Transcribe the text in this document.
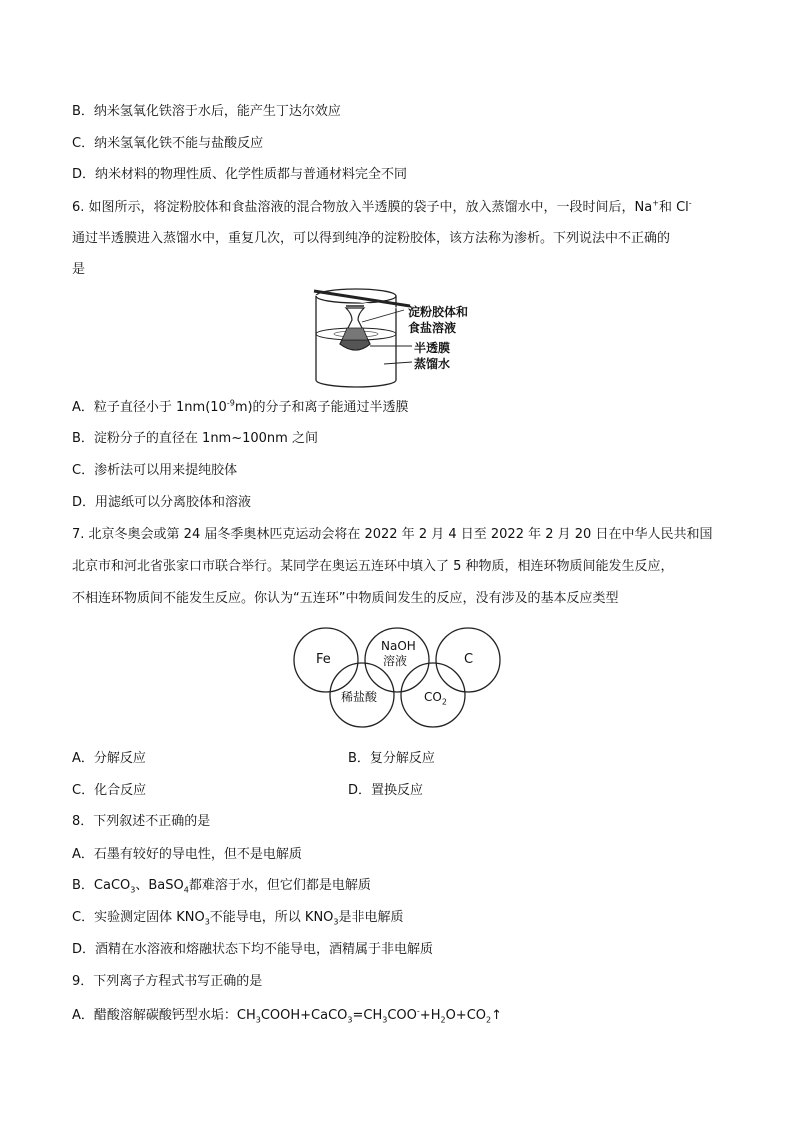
B．纳米氢氧化铁溶于水后，能产生丁达尔效应
C．纳米氢氧化铁不能与盐酸反应
D．纳米材料的物理性质、化学性质都与普通材料完全不同
6. 如图所示，将淀粉胶体和食盐溶液的混合物放入半透膜的袋子中，放入蒸馏水中，一段时间后，Na+和 Cl-
通过半透膜进入蒸馏水中，重复几次，可以得到纯净的淀粉胶体，该方法称为渗析。下列说法中不正确的
是
淀粉胶体和
食盐溶液
半透膜
蒸馏水
A．粒子直径小于 $1nm(10^{-9}m)$的分子和离子能通过半透膜
B．淀粉分子的直径在 1nm~100nm 之间
C．渗析法可以用来提纯胶体
D．用滤纸可以分离胶体和溶液
7. 北京冬奥会或第 24 届冬季奥林匹克运动会将在 2022 年 2 月 4 日至 2022 年 2 月 20 日在中华人民共和国
北京市和河北省张家口市联合举行。某同学在奥运五连环中填入了 5 种物质，相连环物质间能发生反应，
不相连环物质间不能发生反应。你认为“五连环”中物质间发生的反应，没有涉及的基本反应类型
Fe
NaOH
溶液	C
稀盐酸	$CO_2$
A．分解反应	B．复分解反应
C．化合反应	D．置换反应
8．下列叙述不正确的是
A．石墨有较好的导电性，但不是电解质
B．CaCO$_3$、BaSO$_4$都难溶于水，但它们都是电解质
C．实验测定固体 $KNO_3$不能导电，所以 $KNO_3$是非电解质
D．酒精在水溶液和熔融状态下均不能导电，酒精属于非电解质
9．下列离子方程式书写正确的是
A．醋酸溶解碳酸钙型水垢：$CH_3COOH+CaCO_3=CH_3COO^-+H_2O+CO_2↑$
